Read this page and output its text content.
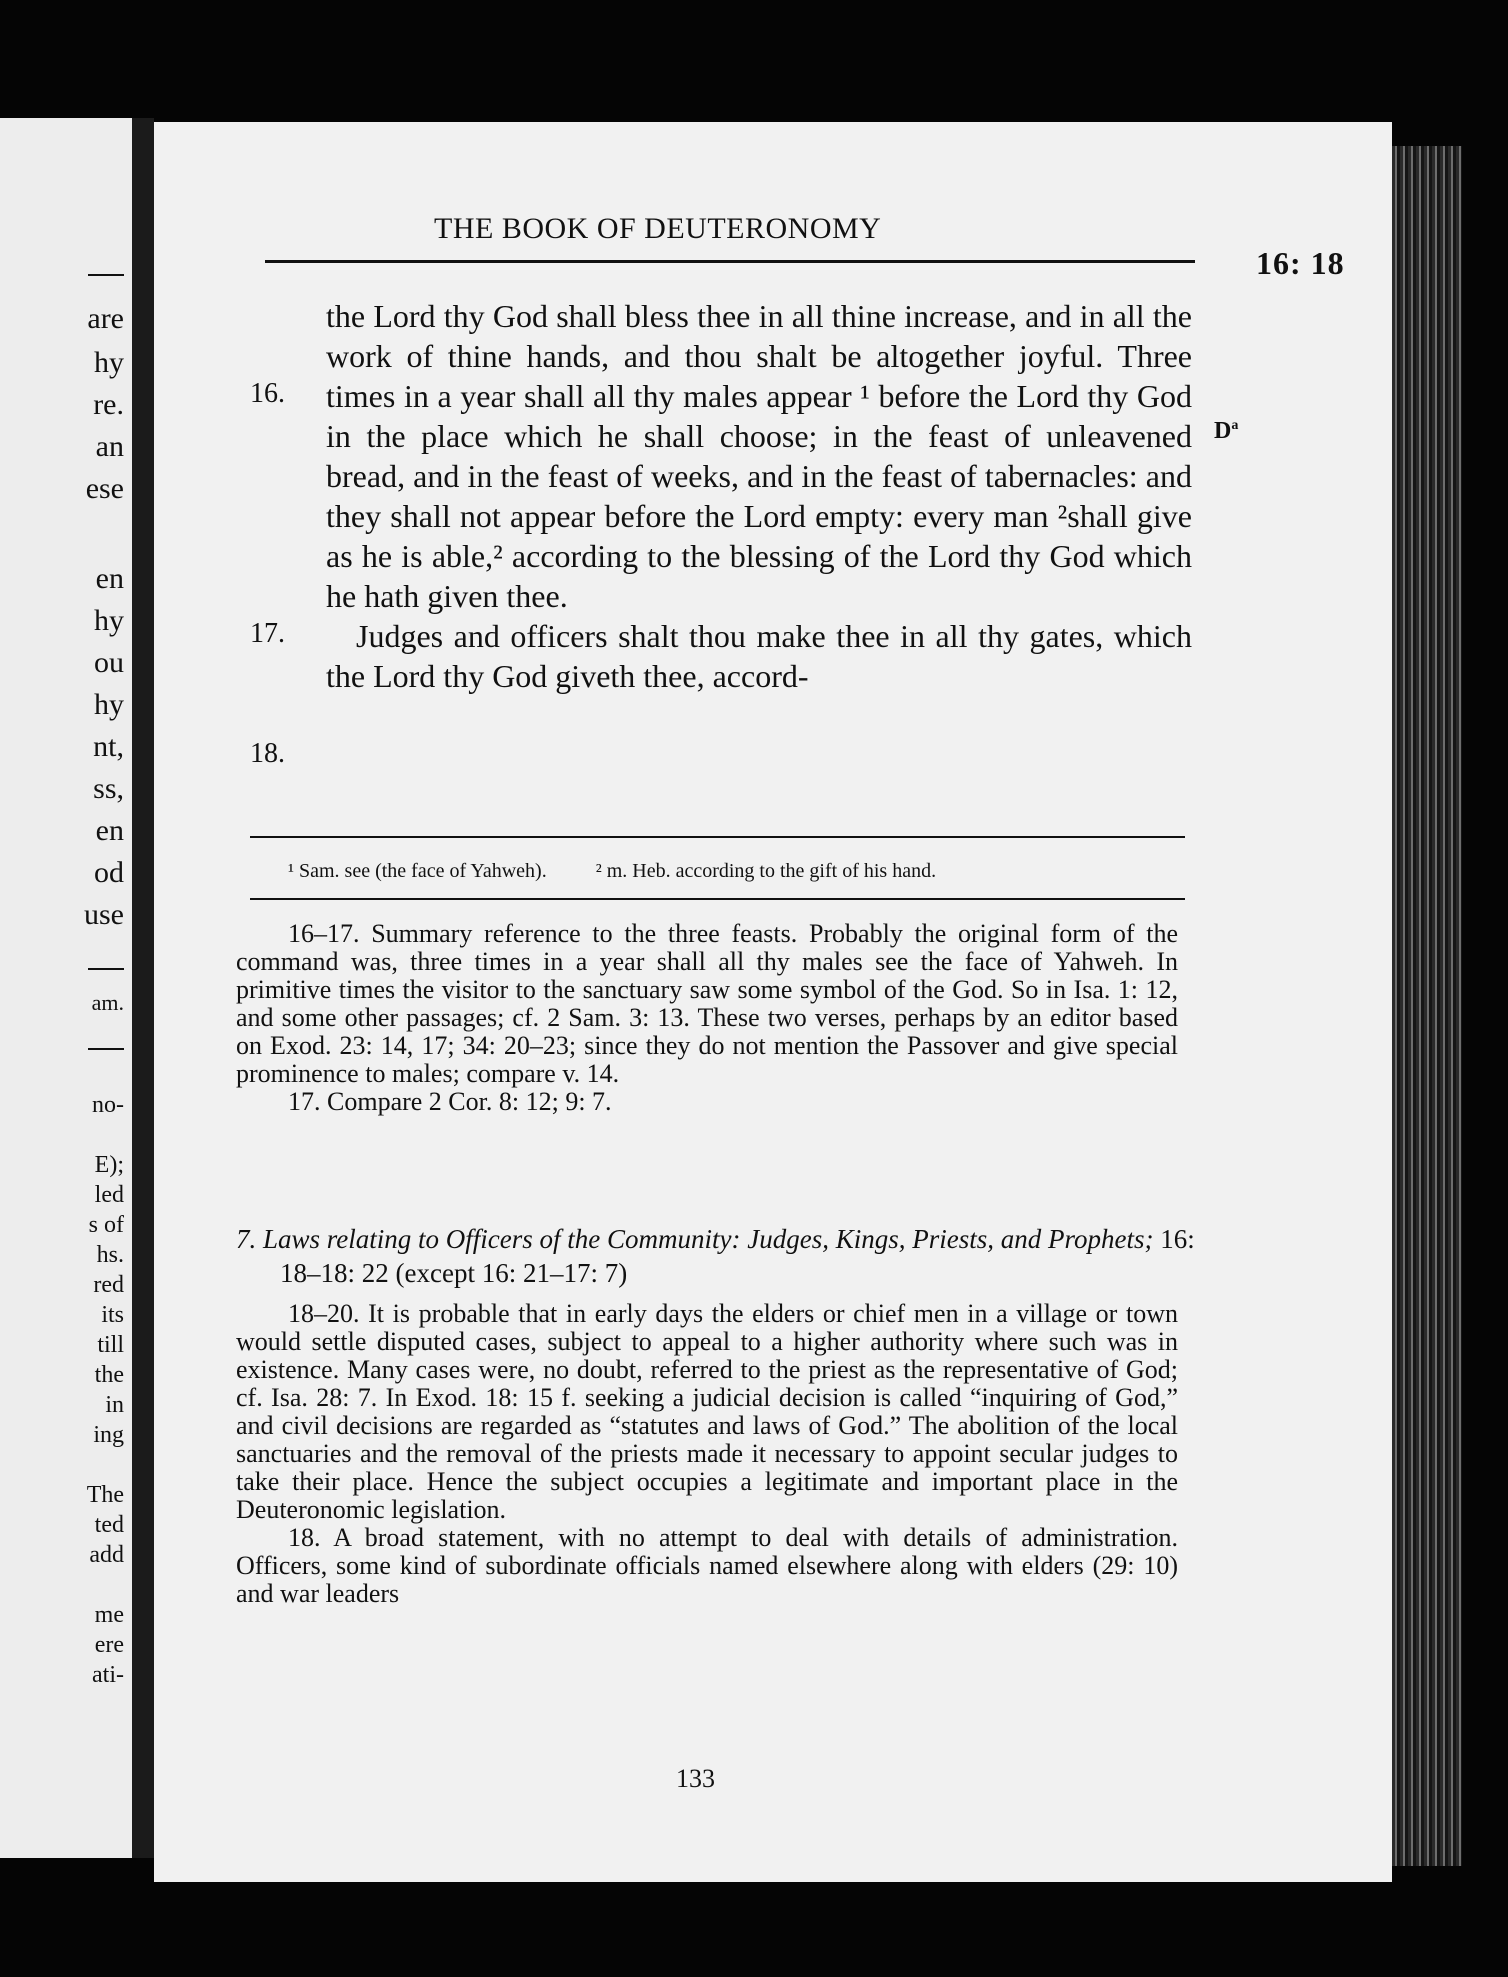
are
hy
re.
an
ese
en
hy
ou
hy
nt,
ss,
en
od
use
am.
no-
E);
led
s of
hs.
red
its
till
the
in
ing
The
ted
add
me
ere
ati-
THE BOOK OF DEUTERONOMY
16: 18
$D^a$
16.
17.
18.

the Lord thy God shall bless thee in all thine increase, and in all the work of thine hands, and thou shalt be altogether joyful. Three times in a year shall all thy males appear ¹ before the Lord thy God in the place which he shall choose; in the feast of unleavened bread, and in the feast of weeks, and in the feast of tabernacles: and they shall not appear before the Lord empty: every man ²shall give as he is able,² according to the blessing of the Lord thy God which he hath given thee.

Judges and officers shalt thou make thee in all thy gates, which the Lord thy God giveth thee, accord-

¹ Sam. see (the face of Yahweh). ² m. Heb. according to the gift of his hand.

16–17. Summary reference to the three feasts. Probably the original form of the command was, three times in a year shall all thy males see the face of Yahweh. In primitive times the visitor to the sanctuary saw some symbol of the God. So in Isa. 1: 12, and some other passages; cf. 2 Sam. 3: 13. These two verses, perhaps by an editor based on Exod. 23: 14, 17; 34: 20–23; since they do not mention the Passover and give special prominence to males; compare v. 14.

17. Compare 2 Cor. 8: 12; 9: 7.

7. Laws relating to Officers of the Community: Judges, Kings, Priests, and Prophets; 16: 18–18: 22 (except 16: 21–17: 7)

18–20. It is probable that in early days the elders or chief men in a village or town would settle disputed cases, subject to appeal to a higher authority where such was in existence. Many cases were, no doubt, referred to the priest as the representative of God; cf. Isa. 28: 7. In Exod. 18: 15 f. seeking a judicial decision is called “inquiring of God,” and civil decisions are regarded as “statutes and laws of God.” The abolition of the local sanctuaries and the removal of the priests made it necessary to appoint secular judges to take their place. Hence the subject occupies a legitimate and important place in the Deuteronomic legislation.

18. A broad statement, with no attempt to deal with details of administration. Officers, some kind of subordinate officials named elsewhere along with elders (29: 10) and war leaders

133
